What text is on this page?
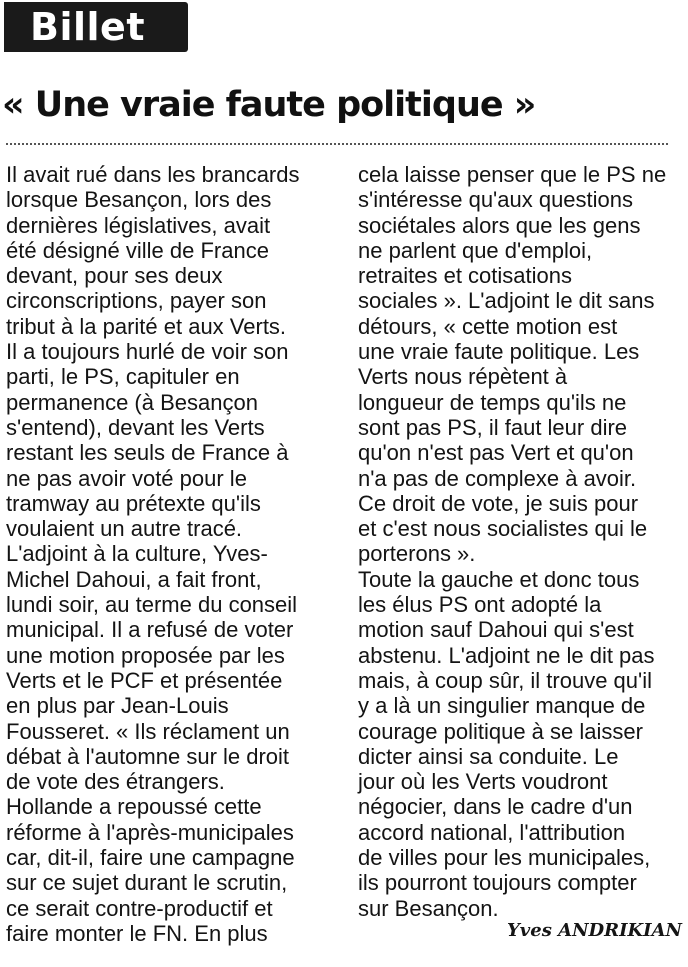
Billet
« Une vraie faute politique »
Il avait rué dans les brancards
lorsque Besançon, lors des
dernières législatives, avait
été désigné ville de France
devant, pour ses deux
circonscriptions, payer son
tribut à la parité et aux Verts.
Il a toujours hurlé de voir son
parti, le PS, capituler en
permanence (à Besançon
s'entend), devant les Verts
restant les seuls de France à
ne pas avoir voté pour le
tramway au prétexte qu'ils
voulaient un autre tracé.
L'adjoint à la culture, Yves-
Michel Dahoui, a fait front,
lundi soir, au terme du conseil
municipal. Il a refusé de voter
une motion proposée par les
Verts et le PCF et présentée
en plus par Jean-Louis
Fousseret. « Ils réclament un
débat à l'automne sur le droit
de vote des étrangers.
Hollande a repoussé cette
réforme à l'après-municipales
car, dit-il, faire une campagne
sur ce sujet durant le scrutin,
ce serait contre-productif et
faire monter le FN. En plus
cela laisse penser que le PS ne
s'intéresse qu'aux questions
sociétales alors que les gens
ne parlent que d'emploi,
retraites et cotisations
sociales ». L'adjoint le dit sans
détours, « cette motion est
une vraie faute politique. Les
Verts nous répètent à
longueur de temps qu'ils ne
sont pas PS, il faut leur dire
qu'on n'est pas Vert et qu'on
n'a pas de complexe à avoir.
Ce droit de vote, je suis pour
et c'est nous socialistes qui le
porterons ».
Toute la gauche et donc tous
les élus PS ont adopté la
motion sauf Dahoui qui s'est
abstenu. L'adjoint ne le dit pas
mais, à coup sûr, il trouve qu'il
y a là un singulier manque de
courage politique à se laisser
dicter ainsi sa conduite. Le
jour où les Verts voudront
négocier, dans le cadre d'un
accord national, l'attribution
de villes pour les municipales,
ils pourront toujours compter
sur Besançon.
Yves ANDRIKIAN
